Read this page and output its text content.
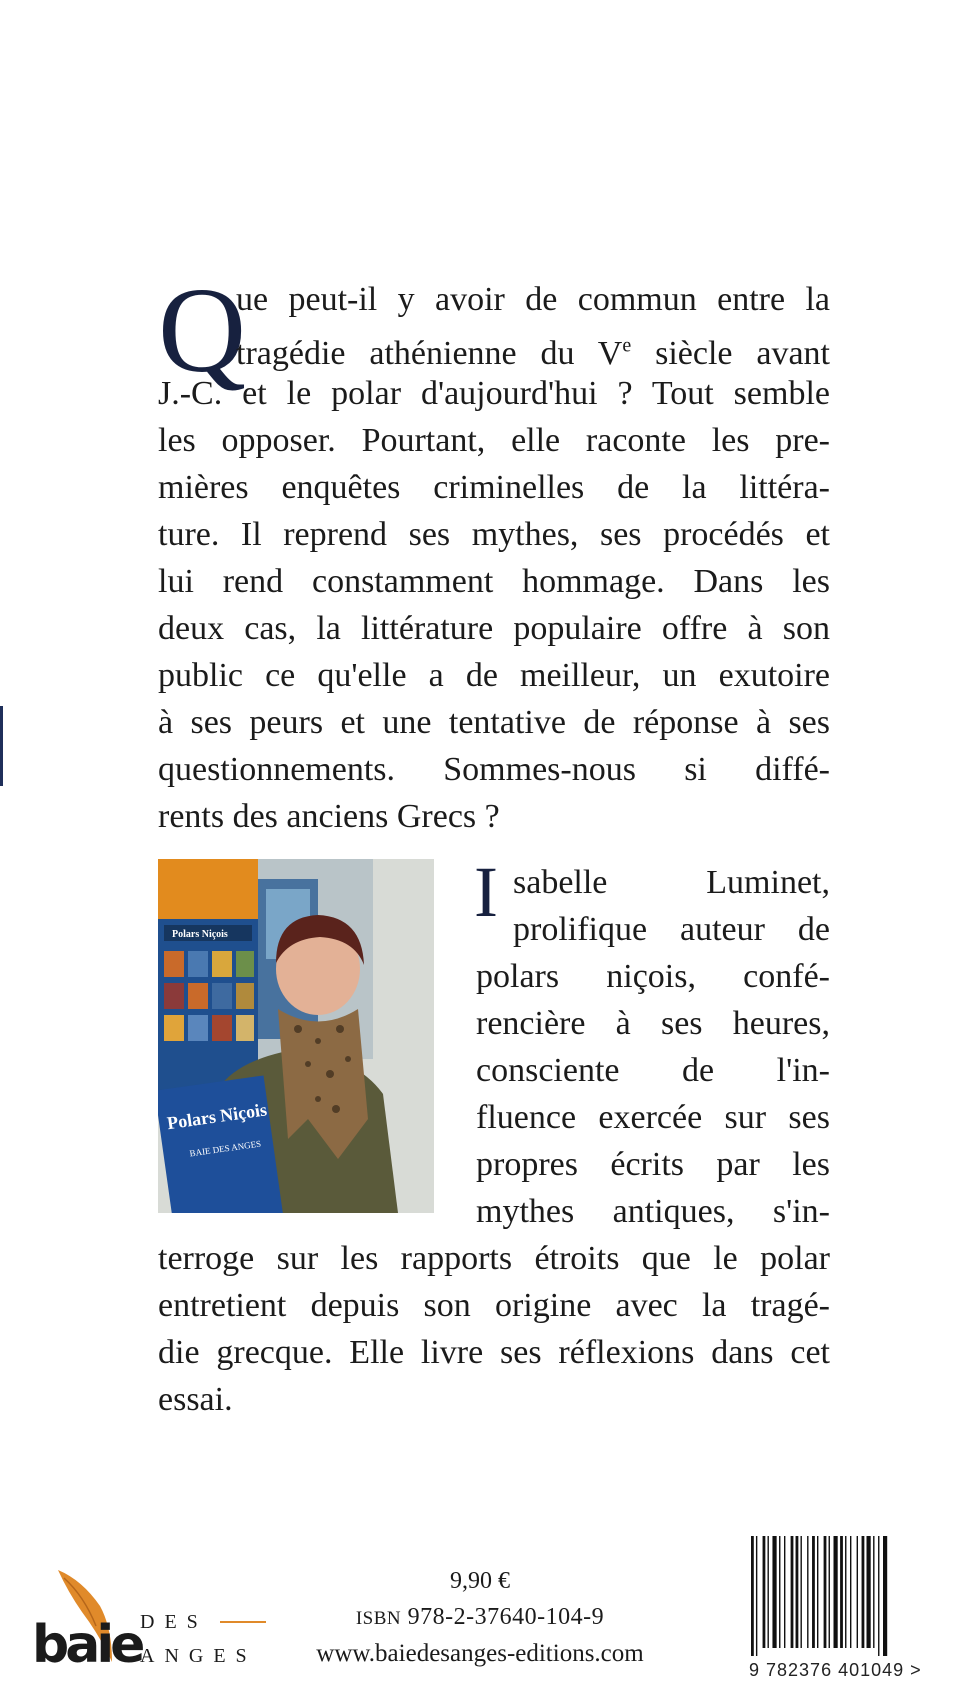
Q
ue peut-il y avoir de commun entre la
tragédie athénienne du Ve siècle avant
J.-C. et le polar d'aujourd'hui ? Tout semble
les opposer. Pourtant, elle raconte les pre-
mières enquêtes criminelles de la littéra-
ture. Il reprend ses mythes, ses procédés et
lui rend constamment hommage. Dans les
deux cas, la littérature populaire offre à son
public ce qu'elle a de meilleur, un exutoire
à ses peurs et une tentative de réponse à ses
questionnements. Sommes-nous si diffé-
rents des anciens Grecs ?
Polars Niçois
Polars Niçois
BAIE DES ANGES
I sabelle Luminet,
prolifique auteur de
polars niçois, confé-
rencière à ses heures,
consciente de l'in-
fluence exercée sur ses
propres écrits par les
mythes antiques, s'in-
terroge sur les rapports étroits que le polar
entretient depuis son origine avec la tragé-
die grecque. Elle livre ses réflexions dans cet
essai.
baie
DES
ANGES
9,90 €
ISBN 978-2-37640-104-9
www.baiedesanges-editions.com
9 782376 401049 >
